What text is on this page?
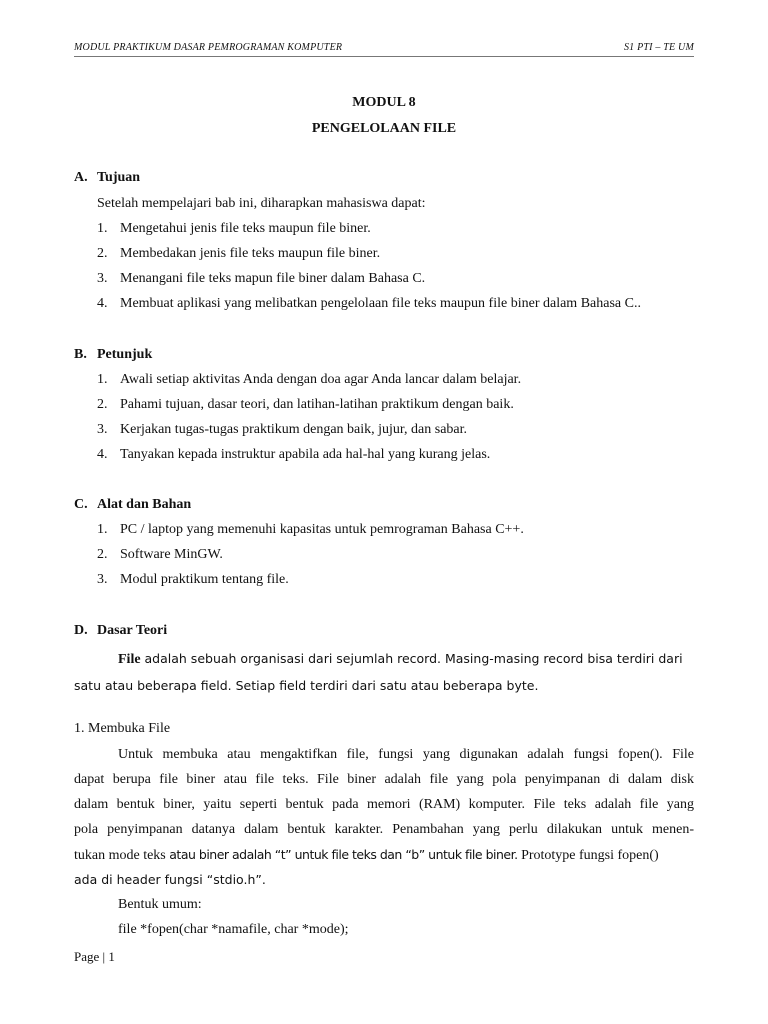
MODUL PRAKTIKUM DASAR PEMROGRAMAN KOMPUTER	S1 PTI – TE UM
MODUL 8
PENGELOLAAN FILE
A. Tujuan
Setelah mempelajari bab ini, diharapkan mahasiswa dapat:
1. Mengetahui jenis file teks maupun file biner.
2. Membedakan jenis file teks maupun file biner.
3. Menangani file teks mapun file biner dalam Bahasa C.
4. Membuat aplikasi yang melibatkan pengelolaan file teks maupun file biner dalam Bahasa C..
B. Petunjuk
1. Awali setiap aktivitas Anda dengan doa agar Anda lancar dalam belajar.
2. Pahami tujuan, dasar teori, dan latihan-latihan praktikum dengan baik.
3. Kerjakan tugas-tugas praktikum dengan baik, jujur, dan sabar.
4. Tanyakan kepada instruktur apabila ada hal-hal yang kurang jelas.
C. Alat dan Bahan
1. PC / laptop yang memenuhi kapasitas untuk pemrograman Bahasa C++.
2. Software MinGW.
3. Modul praktikum tentang file.
D. Dasar Teori
File adalah sebuah organisasi dari sejumlah record. Masing-masing record bisa terdiri dari
satu atau beberapa field. Setiap field terdiri dari satu atau beberapa byte.
1. Membuka File
Untuk membuka atau mengaktifkan file, fungsi yang digunakan adalah fungsi fopen(). File
dapat berupa file biner atau file teks. File biner adalah file yang pola penyimpanan di dalam disk
dalam bentuk biner, yaitu seperti bentuk pada memori (RAM) komputer. File teks adalah file yang
pola penyimpanan datanya dalam bentuk karakter. Penambahan yang perlu dilakukan untuk menen-
tukan mode teks atau biner adalah “t” untuk file teks dan “b” untuk file biner. Prototype fungsi fopen()
ada di header fungsi “stdio.h”.
Bentuk umum:
file *fopen(char *namafile, char *mode);
Page | 1
